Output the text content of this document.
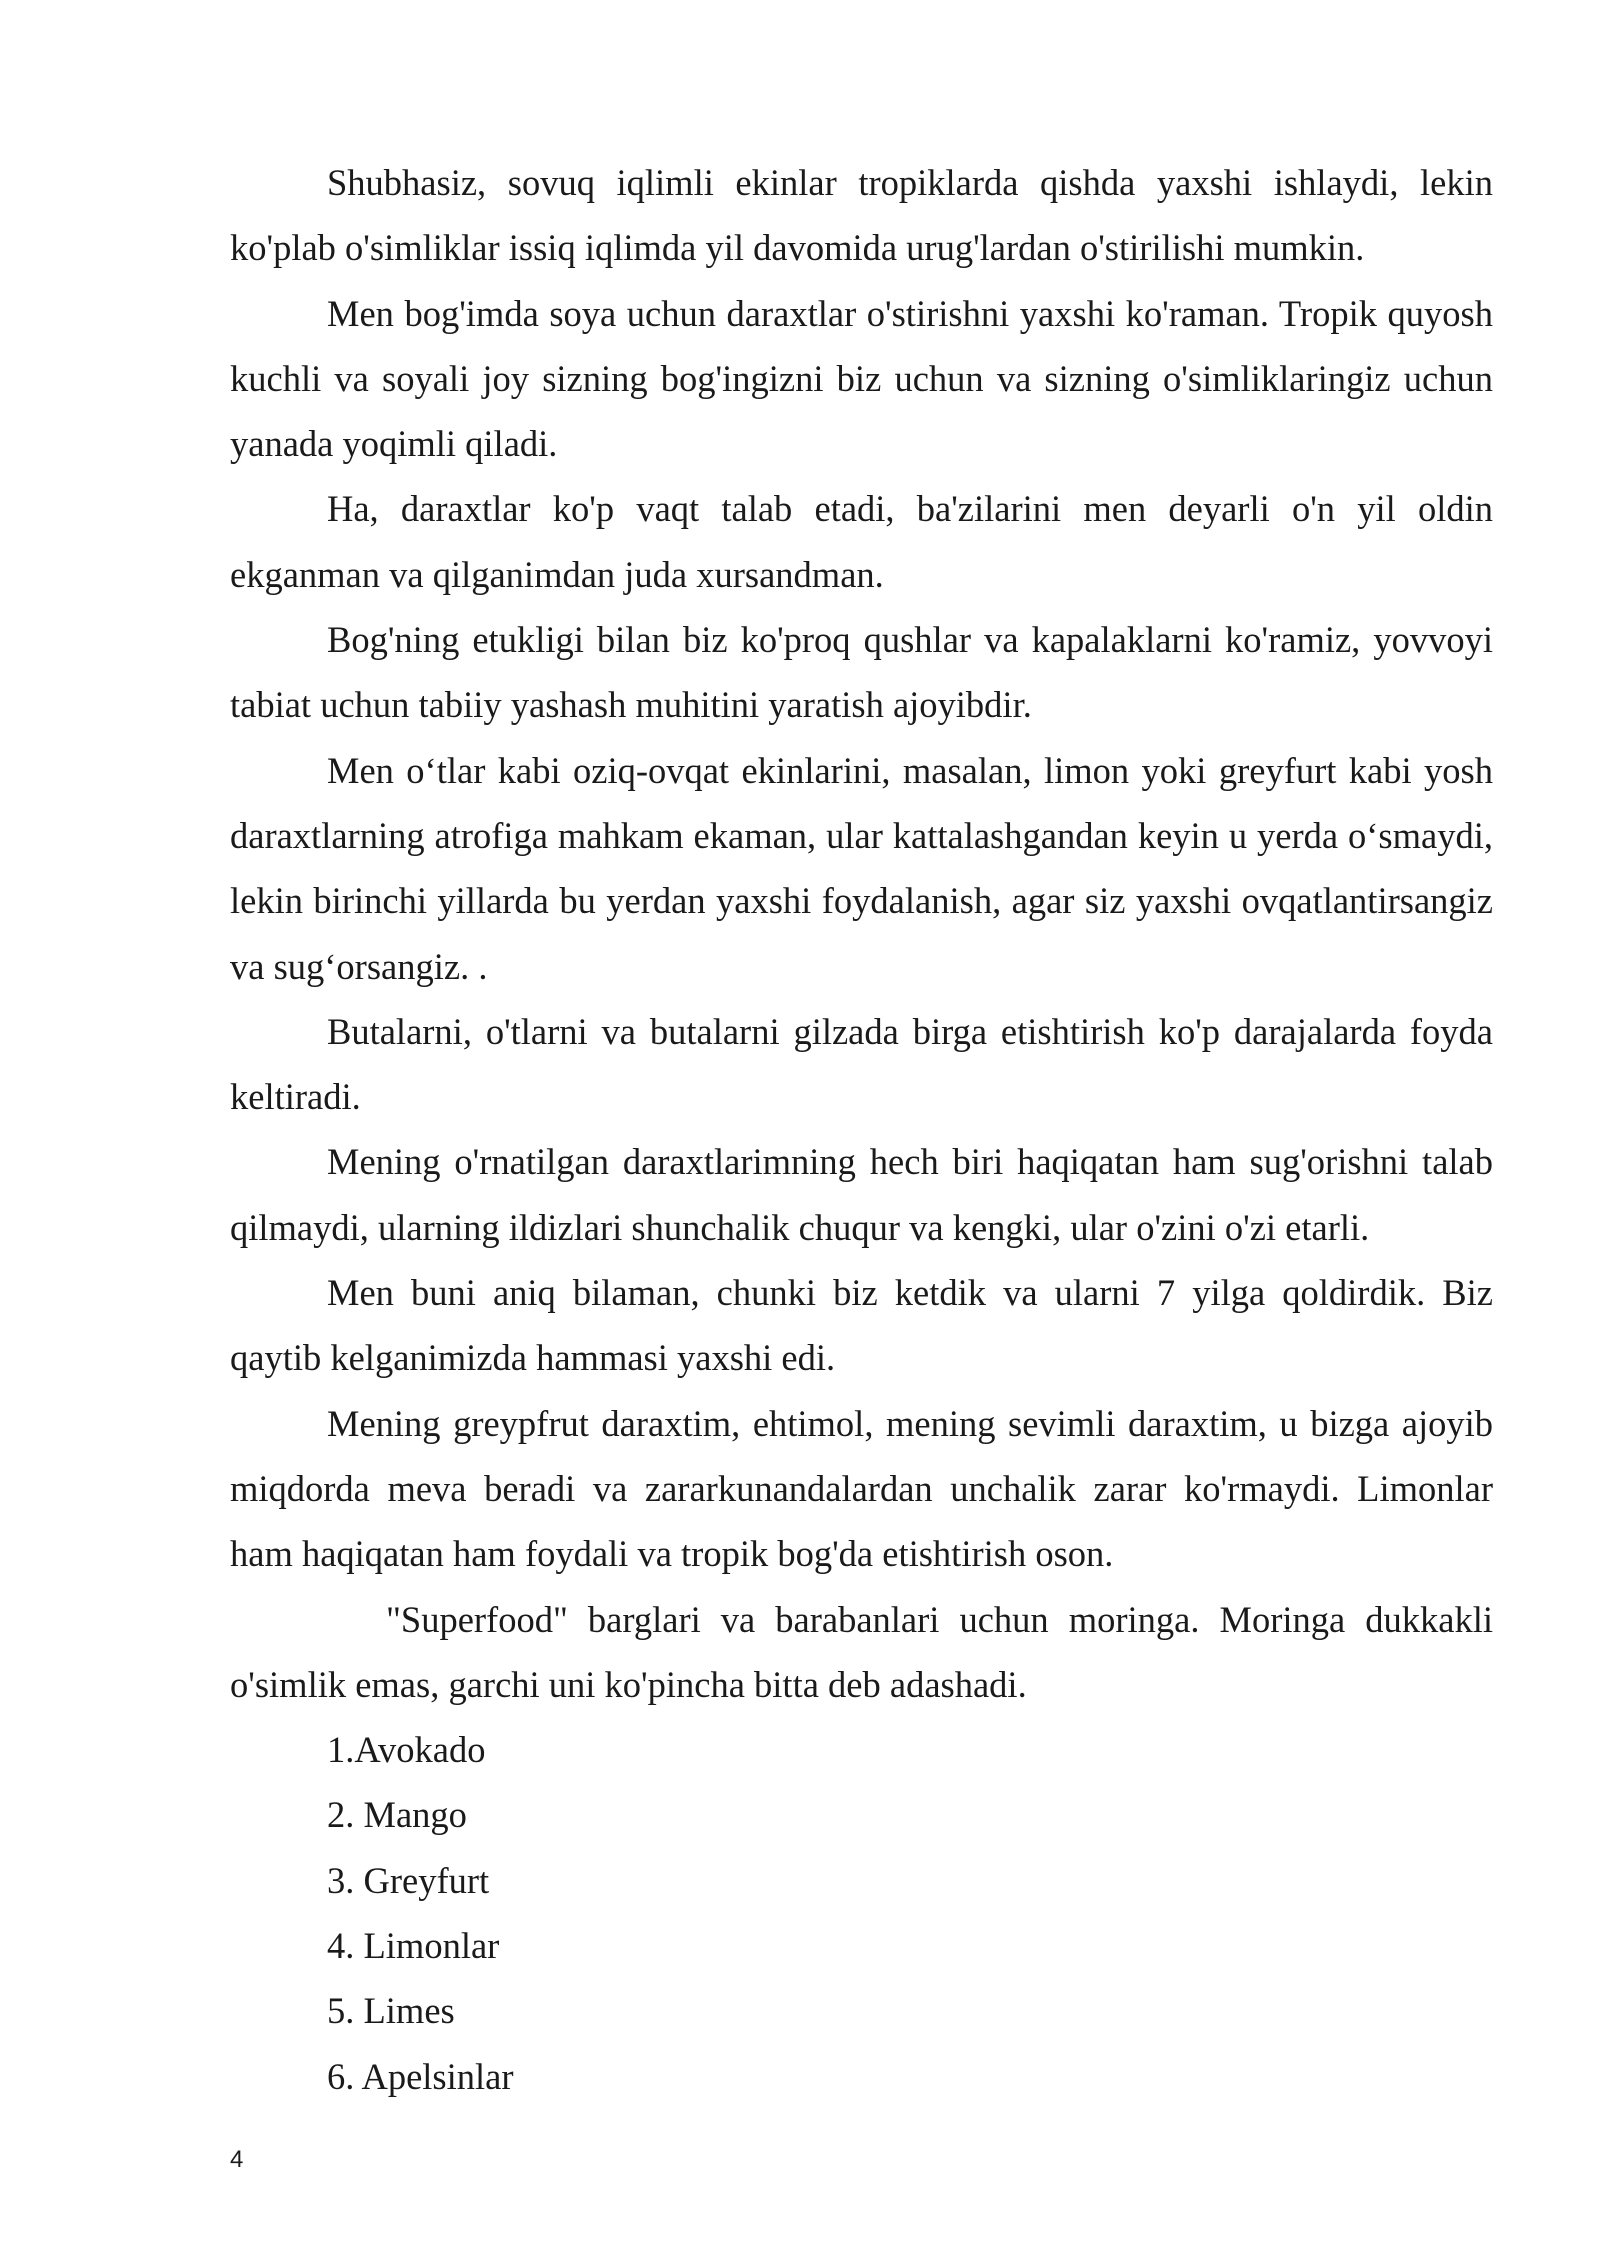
Shubhasiz, sovuq iqlimli ekinlar tropiklarda qishda yaxshi ishlaydi, lekin ko'plab o'simliklar issiq iqlimda yil davomida urug'lardan o'stirilishi mumkin.

Men bog'imda soya uchun daraxtlar o'stirishni yaxshi ko'raman. Tropik quyosh kuchli va soyali joy sizning bog'ingizni biz uchun va sizning o'simliklaringiz uchun yanada yoqimli qiladi.

Ha, daraxtlar ko'p vaqt talab etadi, ba'zilarini men deyarli o'n yil oldin ekganman va qilganimdan juda xursandman.

Bog'ning etukligi bilan biz ko'proq qushlar va kapalaklarni ko'ramiz, yovvoyi tabiat uchun tabiiy yashash muhitini yaratish ajoyibdir.

Men o‘tlar kabi oziq-ovqat ekinlarini, masalan, limon yoki greyfurt kabi yosh daraxtlarning atrofiga mahkam ekaman, ular kattalashgandan keyin u yerda o‘smaydi, lekin birinchi yillarda bu yerdan yaxshi foydalanish, agar siz yaxshi ovqatlantirsangiz va sug‘orsangiz. .

Butalarni, o'tlarni va butalarni gilzada birga etishtirish ko'p darajalarda foyda keltiradi.

Mening o'rnatilgan daraxtlarimning hech biri haqiqatan ham sug'orishni talab qilmaydi, ularning ildizlari shunchalik chuqur va kengki, ular o'zini o'zi etarli.

Men buni aniq bilaman, chunki biz ketdik va ularni 7 yilga qoldirdik. Biz qaytib kelganimizda hammasi yaxshi edi.

Mening greypfrut daraxtim, ehtimol, mening sevimli daraxtim, u bizga ajoyib miqdorda meva beradi va zararkunandalardan unchalik zarar ko'rmaydi. Limonlar ham haqiqatan ham foydali va tropik bog'da etishtirish oson.

"Superfood" barglari va barabanlari uchun moringa. Moringa dukkakli o'simlik emas, garchi uni ko'pincha bitta deb adashadi.

1.Avokado
2. Mango
3. Greyfurt
4. Limonlar
5. Limes
6. Apelsinlar
4
